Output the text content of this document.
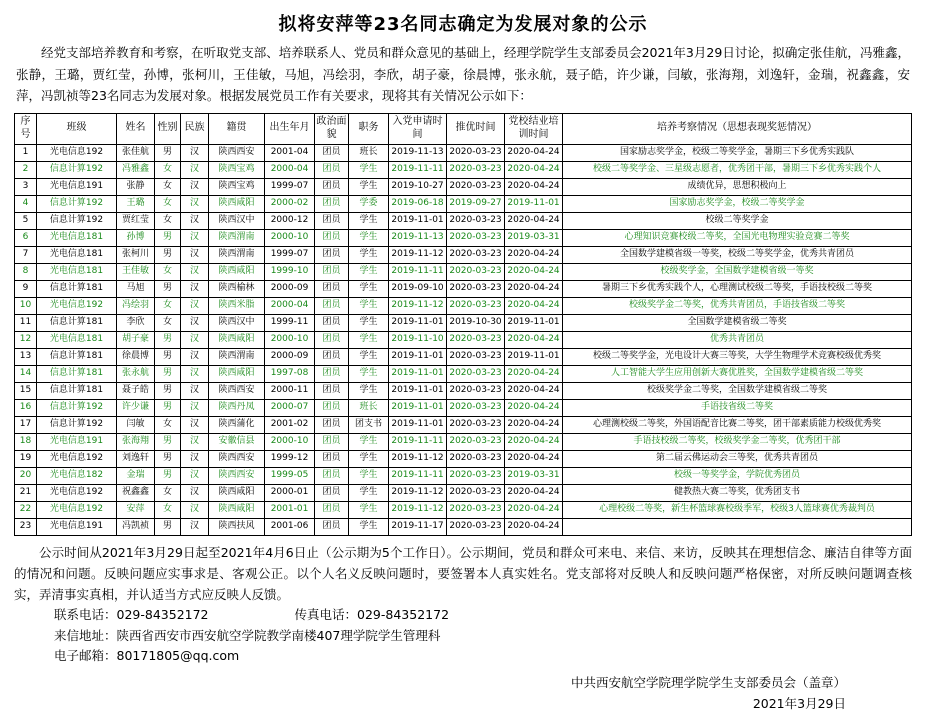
拟将安萍等23名同志确定为发展对象的公示
经党支部培养教育和考察，在听取党支部、培养联系人、党员和群众意见的基础上，经理学院学生支部委员会2021年3月29日讨论，拟确定张佳航，冯雅鑫，张静，王璐，贾红莹，孙博，张柯川，王佳敏，马旭，冯绘羽，李欣，胡子豪，徐晨博，张永航，聂子皓，许少谦，闫敏，张海翔，刘逸轩，金瑞，祝鑫鑫，安萍，冯凯祯等23名同志为发展对象。根据发展党员工作有关要求，现将其有关情况公示如下：
序号	班级	姓名	性别	民族	籍贯	出生年月	政治面貌	职务	入党申请时间	推优时间	党校结业培训时间	培养考察情况（思想表现奖惩情况）
1	光电信息192	张佳航	男	汉	陕西西安	2001-04	团员	班长	2019-11-13	2020-03-23	2020-04-24	国家励志奖学金，校级二等奖学金，暑期三下乡优秀实践队
2	信息计算192	冯雅鑫	女	汉	陕西宝鸡	2000-04	团员	学生	2019-11-11	2020-03-23	2020-04-24	校级二等奖学金、三星级志愿者，优秀团干部，暑期三下乡优秀实践个人
3	光电信息191	张静	女	汉	陕西宝鸡	1999-07	团员	学生	2019-10-27	2020-03-23	2020-04-24	成绩优异，思想积极向上
4	信息计算192	王璐	女	汉	陕西咸阳	2000-02	团员	学委	2019-06-18	2019-09-27	2019-11-01	国家励志奖学金，校级二等奖学金
5	信息计算192	贾红莹	女	汉	陕西汉中	2000-12	团员	学生	2019-11-01	2020-03-23	2020-04-24	校级二等奖学金
6	光电信息181	孙博	男	汉	陕西渭南	2000-10	团员	学生	2019-11-13	2020-03-23	2019-03-31	心理知识竞赛校级二等奖，全国光电物理实验竞赛二等奖
7	光电信息181	张柯川	男	汉	陕西渭南	1999-07	团员	学生	2019-11-12	2020-03-23	2020-04-24	全国数学建模省级一等奖，校级二等奖学金，优秀共青团员
8	光电信息181	王佳敏	女	汉	陕西咸阳	1999-10	团员	学生	2019-11-11	2020-03-23	2020-04-24	校级奖学金，全国数学建模省级一等奖
9	信息计算181	马旭	男	汉	陕西榆林	2000-09	团员	学生	2019-09-10	2020-03-23	2020-04-24	暑期三下乡优秀实践个人，心理测试校级二等奖，手语技校级二等奖
10	光电信息192	冯绘羽	女	汉	陕西米脂	2000-04	团员	学生	2019-11-12	2020-03-23	2020-04-24	校级奖学金二等奖，优秀共青团员，手语技省级二等奖
11	信息计算181	李欣	女	汉	陕西汉中	1999-11	团员	学生	2019-11-01	2019-10-30	2019-11-01	全国数学建模省级二等奖
12	光电信息181	胡子豪	男	汉	陕西咸阳	2000-10	团员	学生	2019-11-10	2020-03-23	2020-04-24	优秀共青团员
13	信息计算181	徐晨博	男	汉	陕西渭南	2000-09	团员	学生	2019-11-01	2020-03-23	2019-11-01	校级二等奖学金，光电设计大赛三等奖，大学生物理学术竞赛校级优秀奖
14	信息计算181	张永航	男	汉	陕西咸阳	1997-08	团员	学生	2019-11-01	2020-03-23	2020-04-24	人工智能大学生应用创新大赛优胜奖，全国数学建模省级二等奖
15	信息计算181	聂子皓	男	汉	陕西西安	2000-11	团员	学生	2019-11-01	2020-03-23	2020-04-24	校级奖学金二等奖，全国数学建模省级二等奖
16	信息计算192	许少谦	男	汉	陕西丹凤	2000-07	团员	班长	2019-11-01	2020-03-23	2020-04-24	手语技省级二等奖
17	信息计算192	闫敏	女	汉	陕西蒲化	2001-02	团员	团支书	2019-11-01	2020-03-23	2020-04-24	心理测校级二等奖，外国语配音比赛二等奖，团干部素质能力校级优秀奖
18	光电信息191	张海翔	男	汉	安徽信县	2000-10	团员	学生	2019-11-11	2020-03-23	2020-04-24	手语技校级二等奖，校级奖学金二等奖，优秀团干部
19	光电信息192	刘逸轩	男	汉	陕西西安	1999-12	团员	学生	2019-11-12	2020-03-23	2020-04-24	第二届云佛运动会三等奖，优秀共青团员
20	光电信息182	金瑞	男	汉	陕西西安	1999-05	团员	学生	2019-11-11	2020-03-23	2019-03-31	校级一等奖学金，学院优秀团员
21	光电信息192	祝鑫鑫	女	汉	陕西咸阳	2000-01	团员	学生	2019-11-12	2020-03-23	2020-04-24	健教热大赛二等奖，优秀团支书
22	光电信息192	安萍	女	汉	陕西咸阳	2001-01	团员	学生	2019-11-12	2020-03-23	2020-04-24	心理校级二等奖，新生杯篮球赛校级季军，校级3人篮球赛优秀裁判员
23	光电信息191	冯凯祯	男	汉	陕西扶风	2001-06	团员	学生	2019-11-17	2020-03-23	2020-04-24	

公示时间从2021年3月29日起至2021年4月6日止（公示期为5个工作日）。公示期间，党员和群众可来电、来信、来访，反映其在理想信念、廉洁自律等方面的情况和问题。反映问题应实事求是、客观公正。以个人名义反映问题时，要签署本人真实姓名。党支部将对反映人和反映问题严格保密，对所反映问题调查核实，弄清事实真相，并认适当方式应反映人反馈。

联系电话：029-84352172	传真电话：029-84352172
来信地址：陕西省西安市西安航空学院教学南楼407理学院学生管理科
电子邮箱：80171805@qq.com
中共西安航空学院理学院学生支部委员会（盖章）
2021年3月29日
